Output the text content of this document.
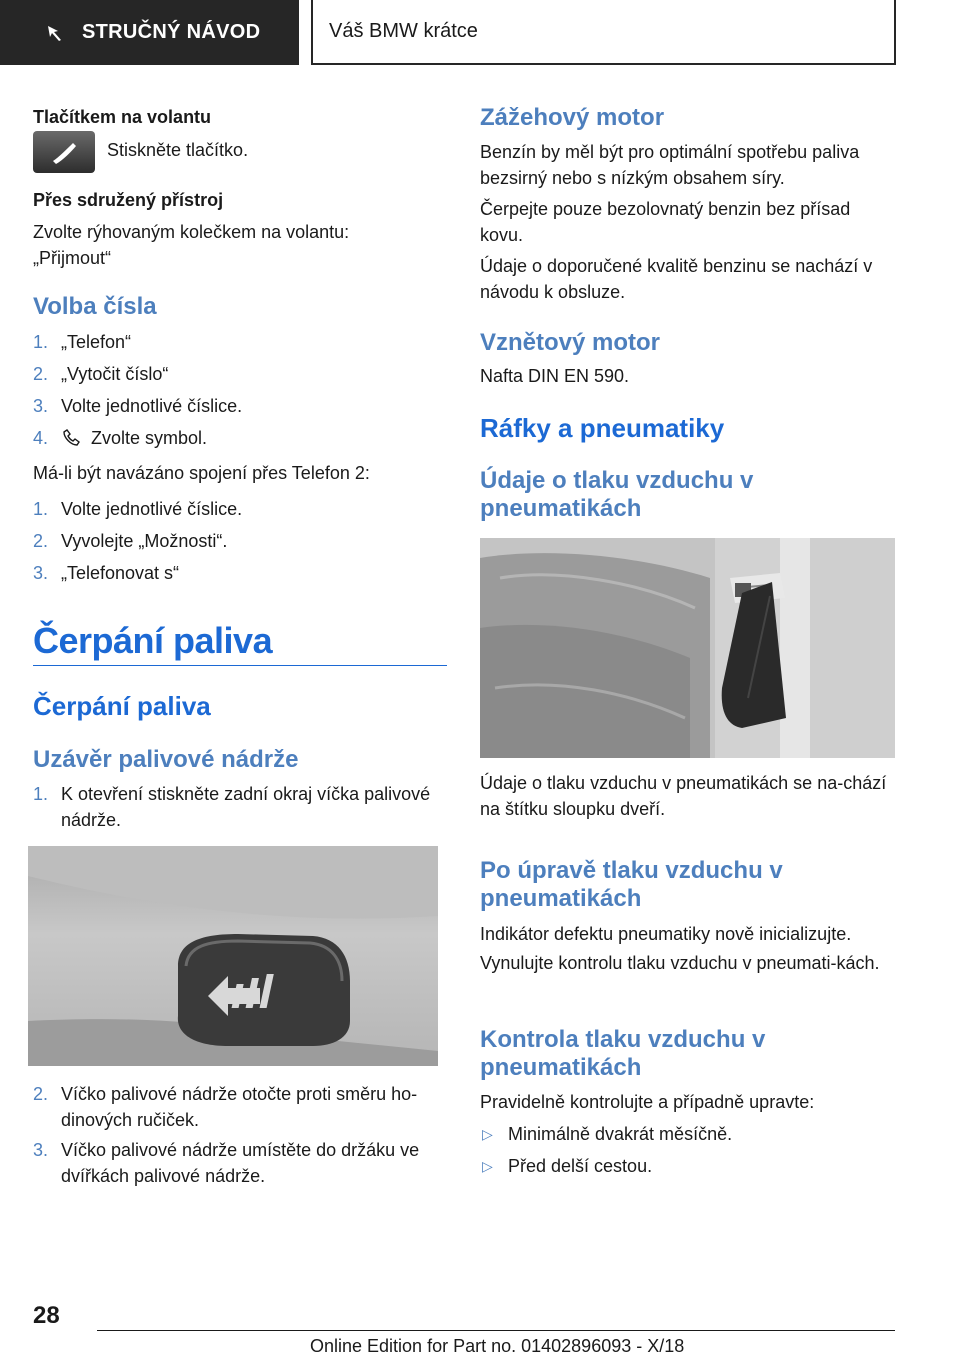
STRUČNÝ NÁVOD	Váš BMW krátce

Tlačítkem na volantu

Stiskněte tlačítko.

Přes sdružený přístroj

Zvolte rýhovaným kolečkem na volantu:

„Přijmout“

Volba čísla
1. „Telefon“
2. „Vytočit číslo“
3. Volte jednotlivé číslice.
4. Zvolte symbol.

Má-li být navázáno spojení přes Telefon 2:

1. Volte jednotlivé číslice.
2. Vyvolejte „Možnosti“.
3. „Telefonovat s“
Čerpání paliva
Čerpání paliva
Uzávěr palivové nádrže
1. K otevření stiskněte zadní okraj víčka palivové nádrže.
2. Víčko palivové nádrže otočte proti směru ho-dinových ručiček.
3. Víčko palivové nádrže umístěte do držáku ve dvířkách palivové nádrže.
Zážehový motor

Benzín by měl být pro optimální spotřebu paliva bezsirný nebo s nízkým obsahem síry.

Čerpejte pouze bezolovnatý benzin bez přísad kovu.

Údaje o doporučené kvalitě benzinu se nachází v návodu k obsluze.

Vznětový motor

Nafta DIN EN 590.

Ráfky a pneumatiky
Údaje o tlaku vzduchu v pneumatikách

Údaje o tlaku vzduchu v pneumatikách se na-chází na štítku sloupku dveří.

Po úpravě tlaku vzduchu v pneumatikách

Indikátor defektu pneumatiky nově inicializujte.

Vynulujte kontrolu tlaku vzduchu v pneumati-kách.

Kontrola tlaku vzduchu v pneumatikách

Pravidelně kontrolujte a případně upravte:

▷ Minimálně dvakrát měsíčně.
▷ Před delší cestou.
28
Online Edition for Part no. 01402896093 - X/18
